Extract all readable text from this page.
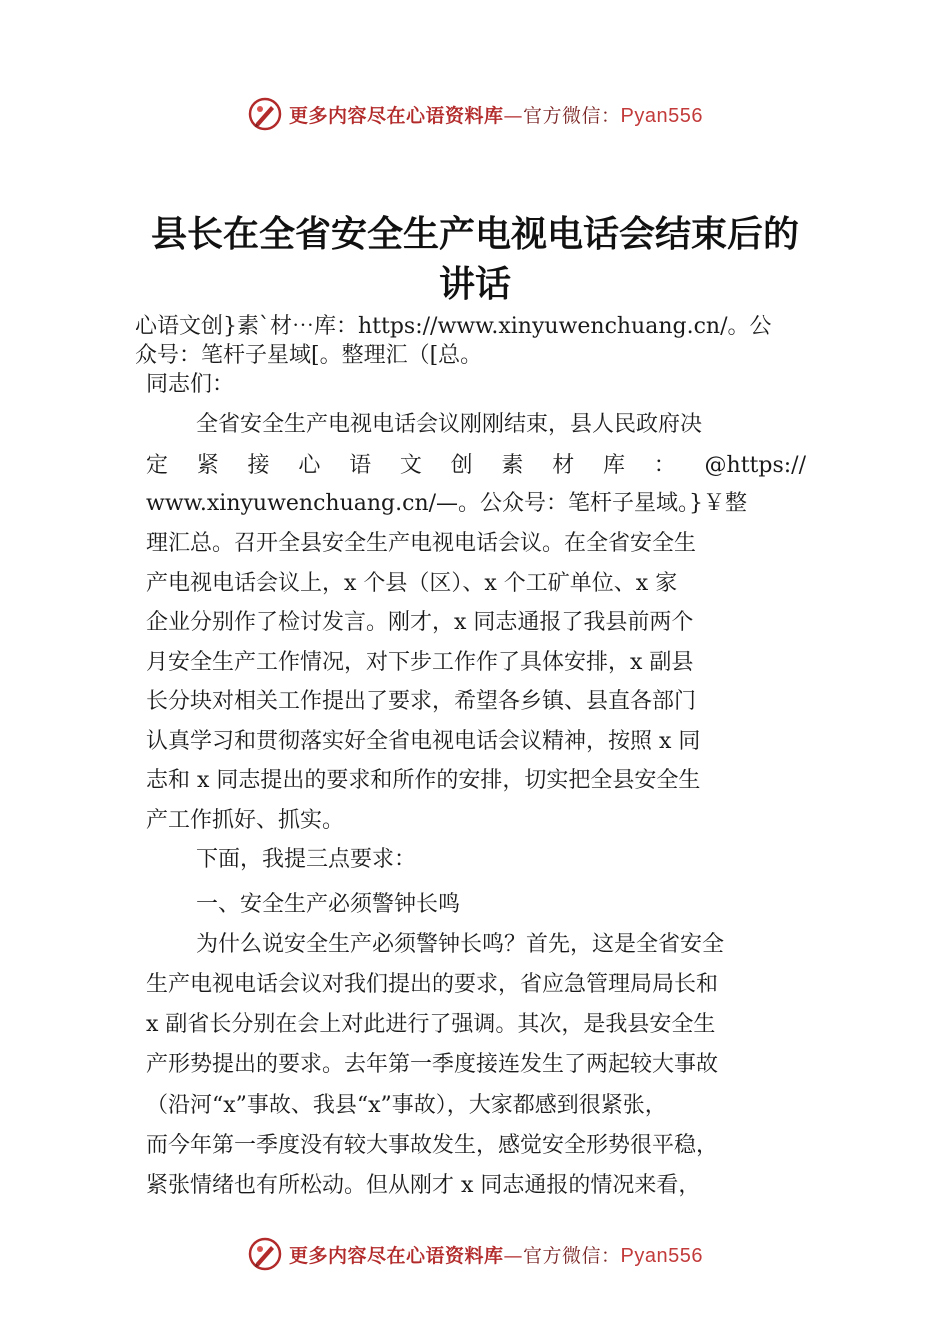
更多内容尽在心语资料库—官方微信：Pyan556
县长在全省安全生产电视电话会结束后的
讲话
心语文创}素`材⋯库：https://www.xinyuwenchuang.cn/。公
众号：笔杆子星域[。整理汇（[总。
同志们：
全省安全生产电视电话会议刚刚结束，县人民政府决
定 紧 接 心 语 文 创 素 材 库 ： @https://
www.xinyuwenchuang.cn/—。公众号：笔杆子星域。}￥整
理汇总。召开全县安全生产电视电话会议。在全省安全生
产电视电话会议上，x 个县（区）、x 个工矿单位、x 家
企业分别作了检讨发言。刚才，x 同志通报了我县前两个
月安全生产工作情况，对下步工作作了具体安排，x 副县
长分块对相关工作提出了要求，希望各乡镇、县直各部门
认真学习和贯彻落实好全省电视电话会议精神，按照 x 同
志和 x 同志提出的要求和所作的安排，切实把全县安全生
产工作抓好、抓实。
下面，我提三点要求：
一、安全生产必须警钟长鸣
为什么说安全生产必须警钟长鸣？首先，这是全省安全
生产电视电话会议对我们提出的要求，省应急管理局局长和
x 副省长分别在会上对此进行了强调。其次，是我县安全生
产形势提出的要求。去年第一季度接连发生了两起较大事故
（沿河“x”事故、我县“x”事故），大家都感到很紧张，
而今年第一季度没有较大事故发生，感觉安全形势很平稳，
紧张情绪也有所松动。但从刚才 x 同志通报的情况来看，
更多内容尽在心语资料库—官方微信：Pyan556
